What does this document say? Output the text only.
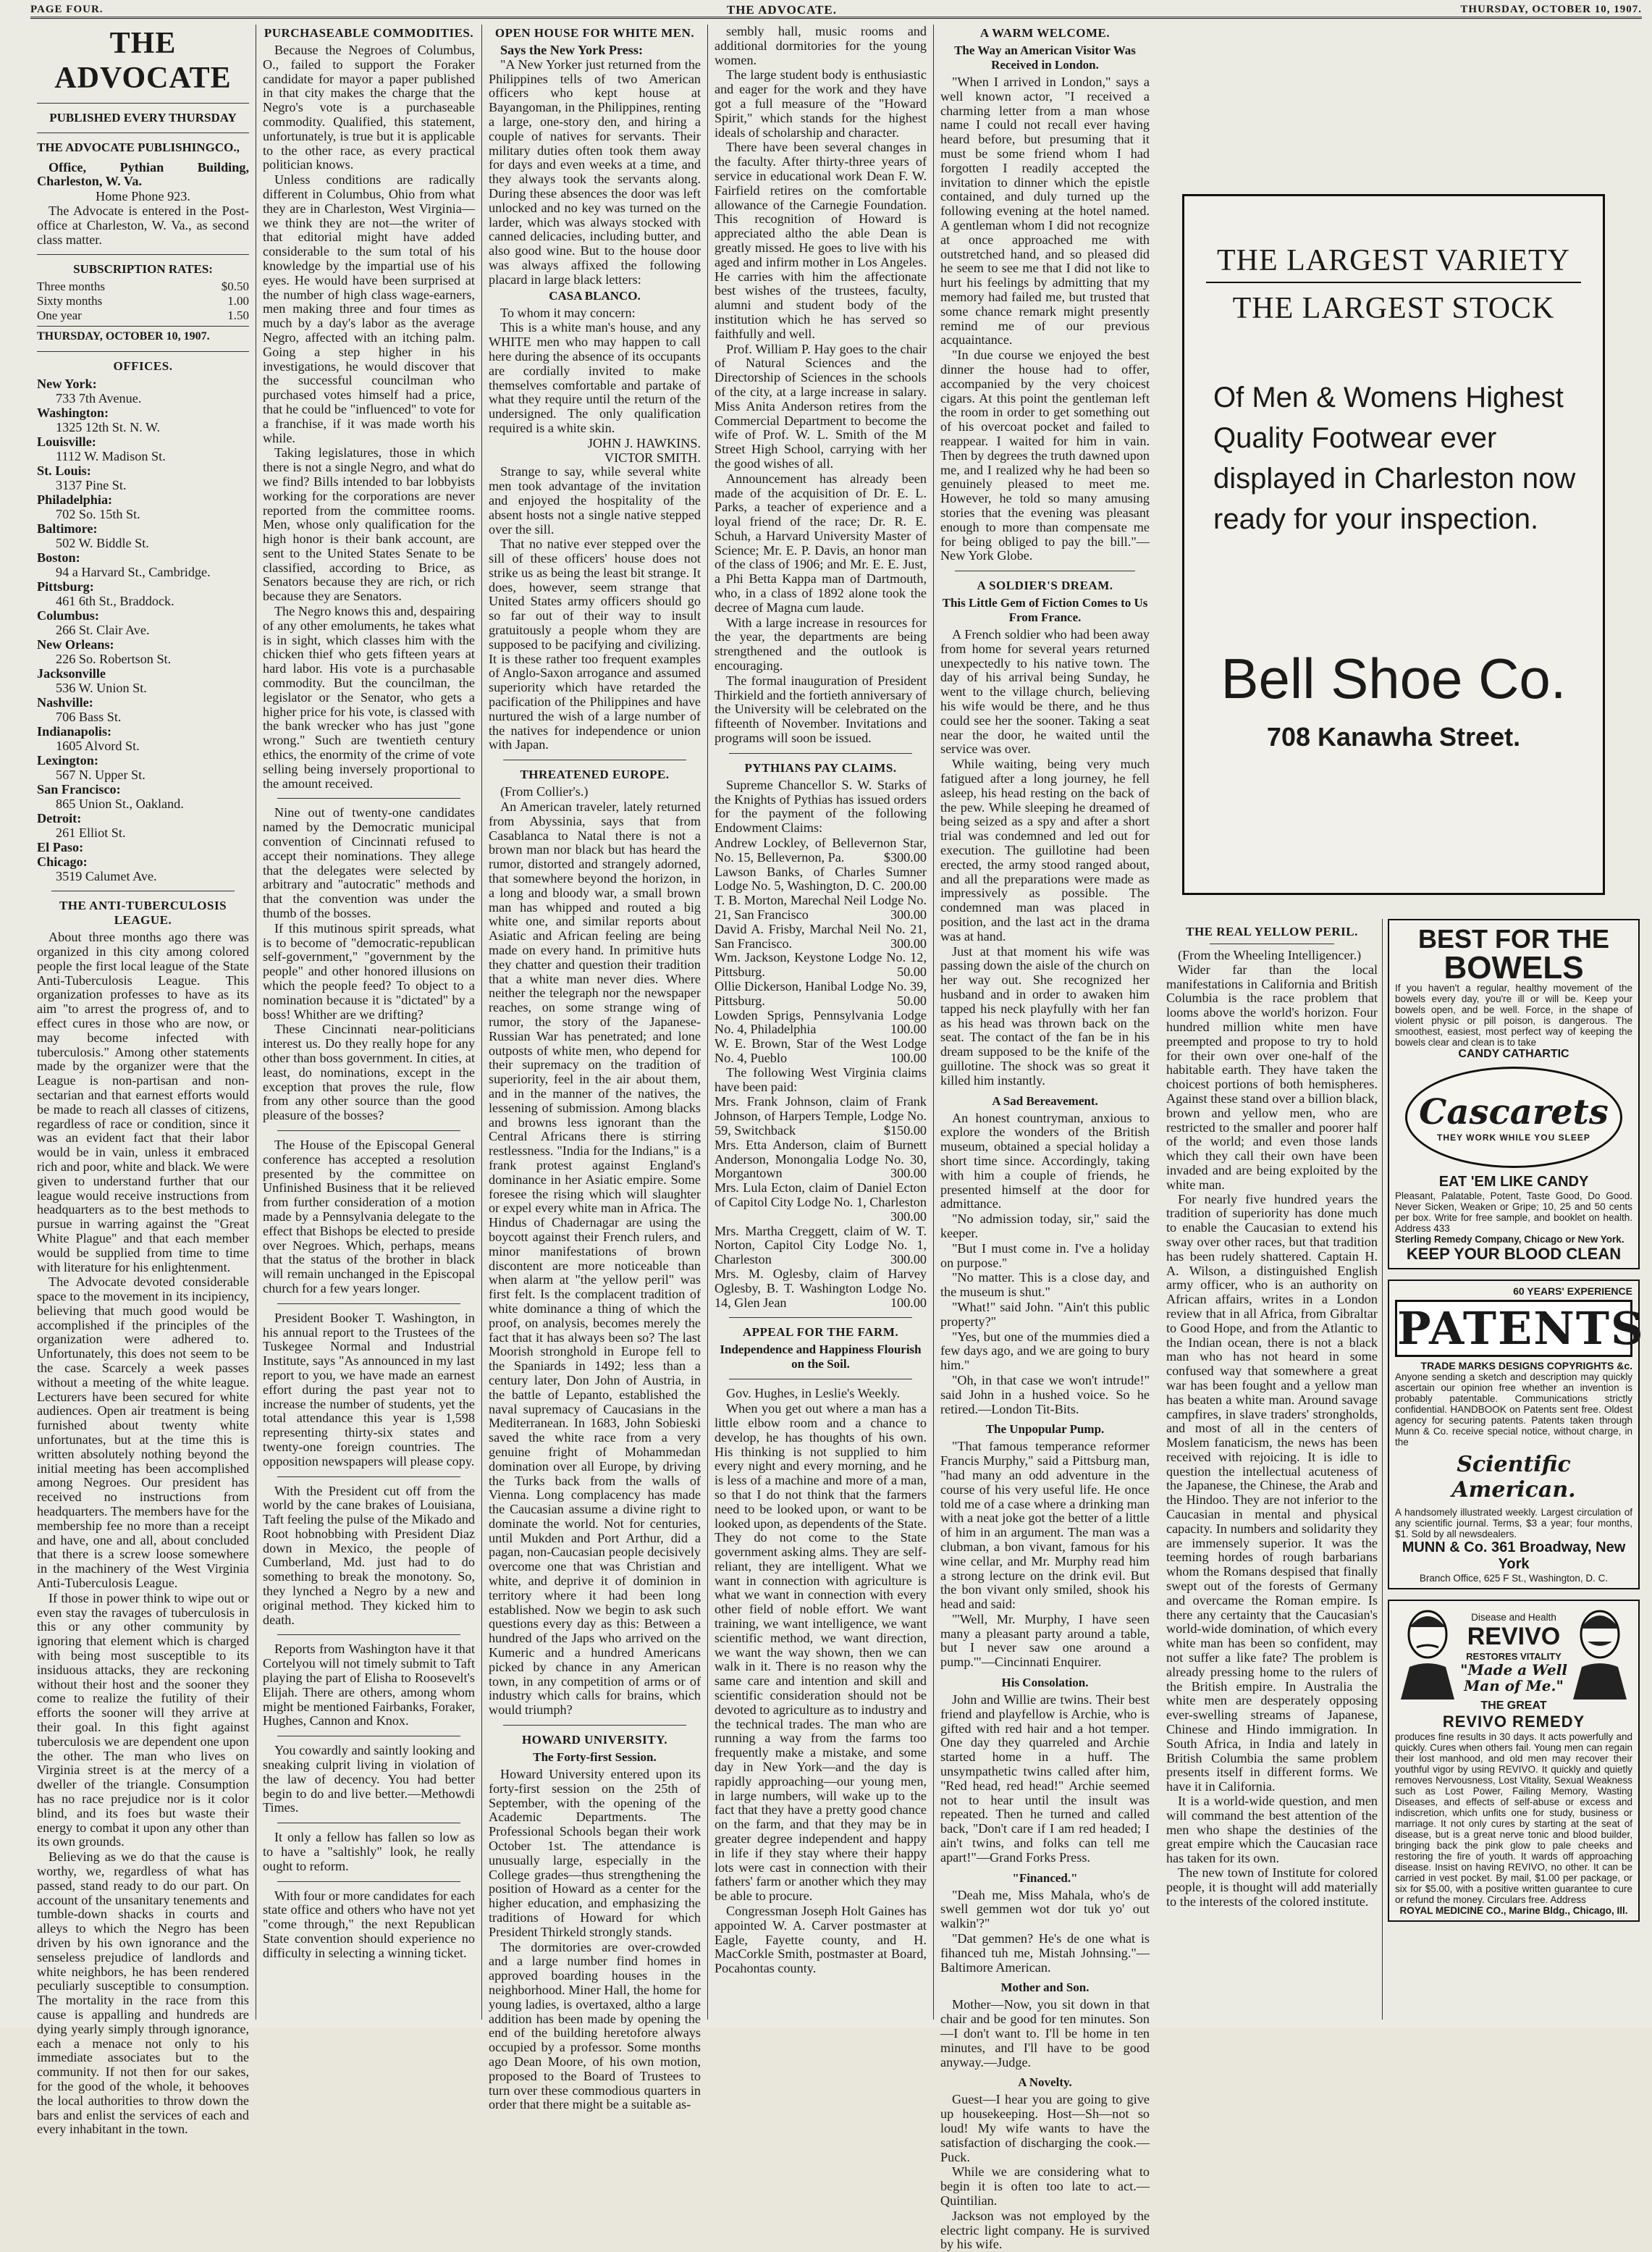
PAGE FOUR.	THE ADVOCATE.	THURSDAY, OCTOBER 10, 1907.
THE ADVOCATE
PUBLISHED EVERY THURSDAY
THE ADVOCATE PUBLISHINGCO.,

Office, Pythian Building, Charleston, W. Va.

Home Phone 923.

The Advocate is entered in the Post-office at Charleston, W. Va., as second class matter.

SUBSCRIPTION RATES:
Three months	$0.50
Sixty months	1.00
One year	1.50
THURSDAY, OCTOBER 10, 1907.
OFFICES.
New York:
733 7th Avenue.
Washington:
1325 12th St. N. W.
Louisville:
1112 W. Madison St.
St. Louis:
3137 Pine St.
Philadelphia:
702 So. 15th St.
Baltimore:
502 W. Biddle St.
Boston:
94 a Harvard St., Cambridge.
Pittsburg:
461 6th St., Braddock.
Columbus:
266 St. Clair Ave.
New Orleans:
226 So. Robertson St.
Jacksonville
536 W. Union St.
Nashville:
706 Bass St.
Indianapolis:
1605 Alvord St.
Lexington:
567 N. Upper St.
San Francisco:
865 Union St., Oakland.
Detroit:
261 Elliot St.
El Paso:
Chicago:
3519 Calumet Ave.
THE ANTI-TUBERCULOSIS LEAGUE.

About three months ago there was organized in this city among colored people the first local league of the State Anti-Tuberculosis League. This organization professes to have as its aim "to arrest the progress of, and to effect cures in those who are now, or may become infected with tuberculosis." Among other statements made by the organizer were that the League is non-partisan and non-sectarian and that earnest efforts would be made to reach all classes of citizens, regardless of race or condition, since it was an evident fact that their labor would be in vain, unless it embraced rich and poor, white and black. We were given to understand further that our league would receive instructions from headquarters as to the best methods to pursue in warring against the "Great White Plague" and that each member would be supplied from time to time with literature for his enlightenment.

The Advocate devoted considerable space to the movement in its incipiency, believing that much good would be accomplished if the principles of the organization were adhered to. Unfortunately, this does not seem to be the case. Scarcely a week passes without a meeting of the white league. Lecturers have been secured for white audiences. Open air treatment is being furnished about twenty white unfortunates, but at the time this is written absolutely nothing beyond the initial meeting has been accomplished among Negroes. Our president has received no instructions from headquarters. The members have for the membership fee no more than a receipt and have, one and all, about concluded that there is a screw loose somewhere in the machinery of the West Virginia Anti-Tuberculosis League.

If those in power think to wipe out or even stay the ravages of tuberculosis in this or any other community by ignoring that element which is charged with being most susceptible to its insiduous attacks, they are reckoning without their host and the sooner they come to realize the futility of their efforts the sooner will they arrive at their goal. In this fight against tuberculosis we are dependent one upon the other. The man who lives on Virginia street is at the mercy of a dweller of the triangle. Consumption has no race prejudice nor is it color blind, and its foes but waste their energy to combat it upon any other than its own grounds.

Believing as we do that the cause is worthy, we, regardless of what has passed, stand ready to do our part. On account of the unsanitary tenements and tumble-down shacks in courts and alleys to which the Negro has been driven by his own ignorance and the senseless prejudice of landlords and white neighbors, he has been rendered peculiarly susceptible to consumption. The mortality in the race from this cause is appalling and hundreds are dying yearly simply through ignorance, each a menace not only to his immediate associates but to the community. If not then for our sakes, for the good of the whole, it behooves the local authorities to throw down the bars and enlist the services of each and every inhabitant in the town.

PURCHASEABLE COMMODITIES.

Because the Negroes of Columbus, O., failed to support the Foraker candidate for mayor a paper published in that city makes the charge that the Negro's vote is a purchaseable commodity. Qualified, this statement, unfortunately, is true but it is applicable to the other race, as every practical politician knows.

Unless conditions are radically different in Columbus, Ohio from what they are in Charleston, West Virginia—we think they are not—the writer of that editorial might have added considerable to the sum total of his knowledge by the impartial use of his eyes. He would have been surprised at the number of high class wage-earners, men making three and four times as much by a day's labor as the average Negro, affected with an itching palm. Going a step higher in his investigations, he would discover that the successful councilman who purchased votes himself had a price, that he could be "influenced" to vote for a franchise, if it was made worth his while.

Taking legislatures, those in which there is not a single Negro, and what do we find? Bills intended to bar lobbyists working for the corporations are never reported from the committee rooms. Men, whose only qualification for the high honor is their bank account, are sent to the United States Senate to be classified, according to Brice, as Senators because they are rich, or rich because they are Senators.

The Negro knows this and, despairing of any other emoluments, he takes what is in sight, which classes him with the chicken thief who gets fifteen years at hard labor. His vote is a purchasable commodity. But the councilman, the legislator or the Senator, who gets a higher price for his vote, is classed with the bank wrecker who has just "gone wrong." Such are twentieth century ethics, the enormity of the crime of vote selling being inversely proportional to the amount received.

Nine out of twenty-one candidates named by the Democratic municipal convention of Cincinnati refused to accept their nominations. They allege that the delegates were selected by arbitrary and "autocratic" methods and that the convention was under the thumb of the bosses.

If this mutinous spirit spreads, what is to become of "democratic-republican self-government," "government by the people" and other honored illusions on which the people feed? To object to a nomination because it is "dictated" by a boss! Whither are we drifting?

These Cincinnati near-politicians interest us. Do they really hope for any other than boss government. In cities, at least, do nominations, except in the exception that proves the rule, flow from any other source than the good pleasure of the bosses?

The House of the Episcopal General conference has accepted a resolution presented by the committee on Unfinished Business that it be relieved from further consideration of a motion made by a Pennsylvania delegate to the effect that Bishops be elected to preside over Negroes. Which, perhaps, means that the status of the brother in black will remain unchanged in the Episcopal church for a few years longer.

President Booker T. Washington, in his annual report to the Trustees of the Tuskegee Normal and Industrial Institute, says "As announced in my last report to you, we have made an earnest effort during the past year not to increase the number of students, yet the total attendance this year is 1,598 representing thirty-six states and twenty-one foreign countries. The opposition newspapers will please copy.

With the President cut off from the world by the cane brakes of Louisiana, Taft feeling the pulse of the Mikado and Root hobnobbing with President Diaz down in Mexico, the people of Cumberland, Md. just had to do something to break the monotony. So, they lynched a Negro by a new and original method. They kicked him to death.

Reports from Washington have it that Cortelyou will not timely submit to Taft playing the part of Elisha to Roosevelt's Elijah. There are others, among whom might be mentioned Fairbanks, Foraker, Hughes, Cannon and Knox.

You cowardly and saintly looking and sneaking culprit living in violation of the law of decency. You had better begin to do and live better.—Methowdi Times.

It only a fellow has fallen so low as to have a "saltishly" look, he really ought to reform.

With four or more candidates for each state office and others who have not yet "come through," the next Republican State convention should experience no difficulty in selecting a winning ticket.

OPEN HOUSE FOR WHITE MEN.
Says the New York Press:

"A New Yorker just returned from the Philippines tells of two American officers who kept house at Bayangoman, in the Philippines, renting a large, one-story den, and hiring a couple of natives for servants. Their military duties often took them away for days and even weeks at a time, and they always took the servants along. During these absences the door was left unlocked and no key was turned on the larder, which was always stocked with canned delicacies, including butter, and also good wine. But to the house door was always affixed the following placard in large black letters:

CASA BLANCO.

To whom it may concern:

This is a white man's house, and any WHITE men who may happen to call here during the absence of its occupants are cordially invited to make themselves comfortable and partake of what they require until the return of the undersigned. The only qualification required is a white skin.

JOHN J. HAWKINS.
VICTOR SMITH.

Strange to say, while several white men took advantage of the invitation and enjoyed the hospitality of the absent hosts not a single native stepped over the sill.

That no native ever stepped over the sill of these officers' house does not strike us as being the least bit strange. It does, however, seem strange that United States army officers should go so far out of their way to insult gratuitously a people whom they are supposed to be pacifying and civilizing. It is these rather too frequent examples of Anglo-Saxon arrogance and assumed superiority which have retarded the pacification of the Philippines and have nurtured the wish of a large number of the natives for independence or union with Japan.

THREATENED EUROPE.

(From Collier's.)

An American traveler, lately returned from Abyssinia, says that from Casablanca to Natal there is not a brown man nor black but has heard the rumor, distorted and strangely adorned, that somewhere beyond the horizon, in a long and bloody war, a small brown man has whipped and routed a big white one, and similar reports about Asiatic and African feeling are being made on every hand. In primitive huts they chatter and question their tradition that a white man never dies. Where neither the telegraph nor the newspaper reaches, on some strange wing of rumor, the story of the Japanese-Russian War has penetrated; and lone outposts of white men, who depend for their supremacy on the tradition of superiority, feel in the air about them, and in the manner of the natives, the lessening of submission. Among blacks and browns less ignorant than the Central Africans there is stirring restlessness. "India for the Indians," is a frank protest against England's dominance in her Asiatic empire. Some foresee the rising which will slaughter or expel every white man in Africa. The Hindus of Chadernagar are using the boycott against their French rulers, and minor manifestations of brown discontent are more noticeable than when alarm at "the yellow peril" was first felt. Is the complacent tradition of white dominance a thing of which the proof, on analysis, becomes merely the fact that it has always been so? The last Moorish stronghold in Europe fell to the Spaniards in 1492; less than a century later, Don John of Austria, in the battle of Lepanto, established the naval supremacy of Caucasians in the Mediterranean. In 1683, John Sobieski saved the white race from a very genuine fright of Mohammedan domination over all Europe, by driving the Turks back from the walls of Vienna. Long complacency has made the Caucasian assume a divine right to dominate the world. Not for centuries, until Mukden and Port Arthur, did a pagan, non-Caucasian people decisively overcome one that was Christian and white, and deprive it of dominion in territory where it had been long established. Now we begin to ask such questions every day as this: Between a hundred of the Japs who arrived on the Kumeric and a hundred Americans picked by chance in any American town, in any competition of arms or of industry which calls for brains, which would triumph?

HOWARD UNIVERSITY.
The Forty-first Session.

Howard University entered upon its forty-first session on the 25th of September, with the opening of the Academic Departments. The Professional Schools began their work October 1st. The attendance is unusually large, especially in the College grades—thus strengthening the position of Howard as a center for the higher education, and emphasizing the traditions of Howard for which President Thirkeld strongly stands.

The dormitories are over-crowded and a large number find homes in approved boarding houses in the neighborhood. Miner Hall, the home for young ladies, is overtaxed, altho a large addition has been made by opening the end of the building heretofore always occupied by a professor. Some months ago Dean Moore, of his own motion, proposed to the Board of Trustees to turn over these commodious quarters in order that there might be a suitable as-

sembly hall, music rooms and additional dormitories for the young women.

The large student body is enthusiastic and eager for the work and they have got a full measure of the "Howard Spirit," which stands for the highest ideals of scholarship and character.

There have been several changes in the faculty. After thirty-three years of service in educational work Dean F. W. Fairfield retires on the comfortable allowance of the Carnegie Foundation. This recognition of Howard is appreciated altho the able Dean is greatly missed. He goes to live with his aged and infirm mother in Los Angeles. He carries with him the affectionate best wishes of the trustees, faculty, alumni and student body of the institution which he has served so faithfully and well.

Prof. William P. Hay goes to the chair of Natural Sciences and the Directorship of Sciences in the schools of the city, at a large increase in salary. Miss Anita Anderson retires from the Commercial Department to become the wife of Prof. W. L. Smith of the M Street High School, carrying with her the good wishes of all.

Announcement has already been made of the acquisition of Dr. E. L. Parks, a teacher of experience and a loyal friend of the race; Dr. R. E. Schuh, a Harvard University Master of Science; Mr. E. P. Davis, an honor man of the class of 1906; and Mr. E. E. Just, a Phi Betta Kappa man of Dartmouth, who, in a class of 1892 alone took the decree of Magna cum laude.

With a large increase in resources for the year, the departments are being strengthened and the outlook is encouraging.

The formal inauguration of President Thirkield and the fortieth anniversary of the University will be celebrated on the fifteenth of November. Invitations and programs will soon be issued.

PYTHIANS PAY CLAIMS.

Supreme Chancellor S. W. Starks of the Knights of Pythias has issued orders for the payment of the following Endowment Claims:

Andrew Lockley, of Bellevernon Star, No. 15, Bellevernon, Pa.	$300.00
Lawson Banks, of Charles Sumner Lodge No. 5, Washington, D. C. 200.00
T. B. Morton, Marechal Neil Lodge No. 21, San Francisco	300.00
David A. Frisby, Marchal Neil No. 21, San Francisco.	300.00
Wm. Jackson, Keystone Lodge No. 12, Pittsburg.	50.00
Ollie Dickerson, Hanibal Lodge No. 39, Pittsburg.	50.00
Lowden Sprigs, Pennsylvania Lodge No. 4, Philadelphia	100.00
W. E. Brown, Star of the West Lodge No. 4, Pueblo	100.00

The following West Virginia claims have been paid:

Mrs. Frank Johnson, claim of Frank Johnson, of Harpers Temple, Lodge No. 59, Switchback	$150.00
Mrs. Etta Anderson, claim of Burnett Anderson, Monongalia Lodge No. 30, Morgantown	300.00
Mrs. Lula Ecton, claim of Daniel Ecton of Capitol City Lodge No. 1, Charleston
300.00
Mrs. Martha Creggett, claim of W. T. Norton, Capitol City Lodge No. 1, Charleston	300.00
Mrs. M. Oglesby, claim of Harvey Oglesby, B. T. Washington Lodge No. 14, Glen Jean	100.00
APPEAL FOR THE FARM.
Independence and Happiness Flourish on the Soil.

Gov. Hughes, in Leslie's Weekly.

When you get out where a man has a little elbow room and a chance to develop, he has thoughts of his own. His thinking is not supplied to him every night and every morning, and he is less of a machine and more of a man, so that I do not think that the farmers need to be looked upon, or want to be looked upon, as dependents of the State. They do not come to the State government asking alms. They are self-reliant, they are intelligent. What we want in connection with agriculture is what we want in connection with every other field of noble effort. We want training, we want intelligence, we want scientific method, we want direction, we want the way shown, then we can walk in it. There is no reason why the same care and intention and skill and scientific consideration should not be devoted to agriculture as to industry and the technical trades. The man who are running a way from the farms too frequently make a mistake, and some day in New York—and the day is rapidly approaching—our young men, in large numbers, will wake up to the fact that they have a pretty good chance on the farm, and that they may be in greater degree independent and happy in life if they stay where their happy lots were cast in connection with their fathers' farm or another which they may be able to procure.

Congressman Joseph Holt Gaines has appointed W. A. Carver postmaster at Eagle, Fayette county, and H. MacCorkle Smith, postmaster at Board, Pocahontas county.

A WARM WELCOME.
The Way an American Visitor Was Received in London.

"When I arrived in London," says a well known actor, "I received a charming letter from a man whose name I could not recall ever having heard before, but presuming that it must be some friend whom I had forgotten I readily accepted the invitation to dinner which the epistle contained, and duly turned up the following evening at the hotel named. A gentleman whom I did not recognize at once approached me with outstretched hand, and so pleased did he seem to see me that I did not like to hurt his feelings by admitting that my memory had failed me, but trusted that some chance remark might presently remind me of our previous acquaintance.

"In due course we enjoyed the best dinner the house had to offer, accompanied by the very choicest cigars. At this point the gentleman left the room in order to get something out of his overcoat pocket and failed to reappear. I waited for him in vain. Then by degrees the truth dawned upon me, and I realized why he had been so genuinely pleased to meet me. However, he told so many amusing stories that the evening was pleasant enough to more than compensate me for being obliged to pay the bill."—New York Globe.

A SOLDIER'S DREAM.
This Little Gem of Fiction Comes to Us From France.

A French soldier who had been away from home for several years returned unexpectedly to his native town. The day of his arrival being Sunday, he went to the village church, believing his wife would be there, and he thus could see her the sooner. Taking a seat near the door, he waited until the service was over.

While waiting, being very much fatigued after a long journey, he fell asleep, his head resting on the back of the pew. While sleeping he dreamed of being seized as a spy and after a short trial was condemned and led out for execution. The guillotine had been erected, the army stood ranged about, and all the preparations were made as impressively as possible. The condemned man was placed in position, and the last act in the drama was at hand.

Just at that moment his wife was passing down the aisle of the church on her way out. She recognized her husband and in order to awaken him tapped his neck playfully with her fan as his head was thrown back on the seat. The contact of the fan be in his dream supposed to be the knife of the guillotine. The shock was so great it killed him instantly.

A Sad Bereavement.

An honest countryman, anxious to explore the wonders of the British museum, obtained a special holiday a short time since. Accordingly, taking with him a couple of friends, he presented himself at the door for admittance.

"No admission today, sir," said the keeper.

"But I must come in. I've a holiday on purpose."

"No matter. This is a close day, and the museum is shut."

"What!" said John. "Ain't this public property?"

"Yes, but one of the mummies died a few days ago, and we are going to bury him."

"Oh, in that case we won't intrude!" said John in a hushed voice. So he retired.—London Tit-Bits.

The Unpopular Pump.

"That famous temperance reformer Francis Murphy," said a Pittsburg man, "had many an odd adventure in the course of his very useful life. He once told me of a case where a drinking man with a neat joke got the better of a little of him in an argument. The man was a clubman, a bon vivant, famous for his wine cellar, and Mr. Murphy read him a strong lecture on the drink evil. But the bon vivant only smiled, shook his head and said:

"'Well, Mr. Murphy, I have seen many a pleasant party around a table, but I never saw one around a pump.'"—Cincinnati Enquirer.

His Consolation.

John and Willie are twins. Their best friend and playfellow is Archie, who is gifted with red hair and a hot temper. One day they quarreled and Archie started home in a huff. The unsympathetic twins called after him, "Red head, red head!" Archie seemed not to hear until the insult was repeated. Then he turned and called back, "Don't care if I am red headed; I ain't twins, and folks can tell me apart!"—Grand Forks Press.

"Financed."

"Deah me, Miss Mahala, who's de swell gemmen wot dor tuk yo' out walkin'?"

"Dat gemmen? He's de one what is fihanced tuh me, Mistah Johnsing."—Baltimore American.

Mother and Son.

Mother—Now, you sit down in that chair and be good for ten minutes. Son—I don't want to. I'll be home in ten minutes, and I'll have to be good anyway.—Judge.

A Novelty.

Guest—I hear you are going to give up housekeeping. Host—Sh—not so loud! My wife wants to have the satisfaction of discharging the cook.—Puck.

While we are considering what to begin it is often too late to act.—Quintilian.

Jackson was not employed by the electric light company. He is survived by his wife.

THE LARGEST VARIETY
THE LARGEST STOCK
Of Men & Womens Highest Quality Footwear ever displayed in Charleston now ready for your inspection.
Bell Shoe Co.
708 Kanawha Street.
THE REAL YELLOW PERIL.

(From the Wheeling Intelligencer.)

Wider far than the local manifestations in California and British Columbia is the race problem that looms above the world's horizon. Four hundred million white men have preempted and propose to try to hold for their own over one-half of the habitable earth. They have taken the choicest portions of both hemispheres. Against these stand over a billion black, brown and yellow men, who are restricted to the smaller and poorer half of the world; and even those lands which they call their own have been invaded and are being exploited by the white man.

For nearly five hundred years the tradition of superiority has done much to enable the Caucasian to extend his sway over other races, but that tradition has been rudely shattered. Captain H. A. Wilson, a distinguished English army officer, who is an authority on African affairs, writes in a London review that in all Africa, from Gibraltar to Good Hope, and from the Atlantic to the Indian ocean, there is not a black man who has not heard in some confused way that somewhere a great war has been fought and a yellow man has beaten a white man. Around savage campfires, in slave traders' strongholds, and most of all in the centers of Moslem fanaticism, the news has been received with rejoicing. It is idle to question the intellectual acuteness of the Japanese, the Chinese, the Arab and the Hindoo. They are not inferior to the Caucasian in mental and physical capacity. In numbers and solidarity they are immensely superior. It was the teeming hordes of rough barbarians whom the Romans despised that finally swept out of the forests of Germany and overcame the Roman empire. Is there any certainty that the Caucasian's world-wide domination, of which every white man has been so confident, may not suffer a like fate? The problem is already pressing home to the rulers of the British empire. In Australia the white men are desperately opposing ever-swelling streams of Japanese, Chinese and Hindo immigration. In South Africa, in India and lately in British Columbia the same problem presents itself in different forms. We have it in California.

It is a world-wide question, and men will command the best attention of the men who shape the destinies of the great empire which the Caucasian race has taken for its own.

The new town of Institute for colored people, it is thought will add materially to the interests of the colored institute.

BEST FOR THE
BOWELS
If you haven't a regular, healthy movement of the bowels every day, you're ill or will be. Keep your bowels open, and be well. Force, in the shape of violent physic or pill poison, is dangerous. The smoothest, easiest, most perfect way of keeping the bowels clear and clean is to take
CANDY CATHARTIC
Cascarets
THEY WORK WHILE YOU SLEEP
EAT 'EM LIKE CANDY
Pleasant, Palatable, Potent, Taste Good, Do Good. Never Sicken, Weaken or Gripe; 10, 25 and 50 cents per box. Write for free sample, and booklet on health. Address 433
Sterling Remedy Company, Chicago or New York.
KEEP YOUR BLOOD CLEAN
60 YEARS' EXPERIENCE
PATENTS
TRADE MARKS DESIGNS COPYRIGHTS &c.
Anyone sending a sketch and description may quickly ascertain our opinion free whether an invention is probably patentable. Communications strictly confidential. HANDBOOK on Patents sent free. Oldest agency for securing patents. Patents taken through Munn & Co. receive special notice, without charge, in the
Scientific American.
A handsomely illustrated weekly. Largest circulation of any scientific journal. Terms, $3 a year; four months, $1. Sold by all newsdealers.
MUNN & Co. 361 Broadway, New York
Branch Office, 625 F St., Washington, D. C.
Disease and Health
REVIVO
RESTORES VITALITY
"Made a Well Man of Me."
THE GREAT
REVIVO REMEDY
produces fine results in 30 days. It acts powerfully and quickly. Cures when others fail. Young men can regain their lost manhood, and old men may recover their youthful vigor by using REVIVO. It quickly and quietly removes Nervousness, Lost Vitality, Sexual Weakness such as Lost Power, Failing Memory, Wasting Diseases, and effects of self-abuse or excess and indiscretion, which unfits one for study, business or marriage. It not only cures by starting at the seat of disease, but is a great nerve tonic and blood builder, bringing back the pink glow to pale cheeks and restoring the fire of youth. It wards off approaching disease. Insist on having REVIVO, no other. It can be carried in vest pocket. By mail, $1.00 per package, or six for $5.00, with a positive written guarantee to cure or refund the money. Circulars free. Address
ROYAL MEDICINE CO., Marine Bldg., Chicago, Ill.
